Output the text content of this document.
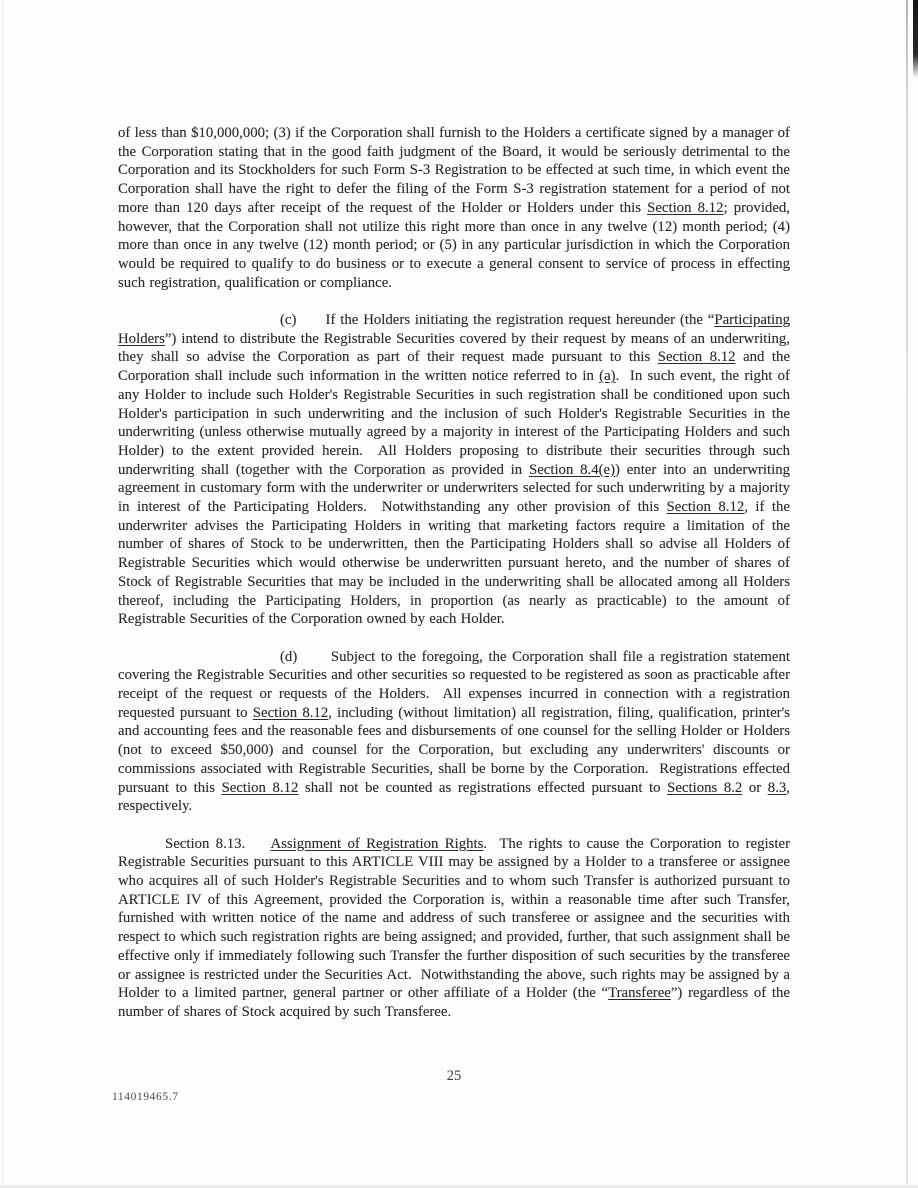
of less than $10,000,000; (3) if the Corporation shall furnish to the Holders a certificate signed by a manager of the Corporation stating that in the good faith judgment of the Board, it would be seriously detrimental to the Corporation and its Stockholders for such Form S-3 Registration to be effected at such time, in which event the Corporation shall have the right to defer the filing of the Form S-3 registration statement for a period of not more than 120 days after receipt of the request of the Holder or Holders under this Section 8.12; provided, however, that the Corporation shall not utilize this right more than once in any twelve (12) month period; (4) more than once in any twelve (12) month period; or (5) in any particular jurisdiction in which the Corporation would be required to qualify to do business or to execute a general consent to service of process in effecting such registration, qualification or compliance.

(c)      If the Holders initiating the registration request hereunder (the “Participating Holders”) intend to distribute the Registrable Securities covered by their request by means of an underwriting, they shall so advise the Corporation as part of their request made pursuant to this Section 8.12 and the Corporation shall include such information in the written notice referred to in (a).  In such event, the right of any Holder to include such Holder's Registrable Securities in such registration shall be conditioned upon such Holder's participation in such underwriting and the inclusion of such Holder's Registrable Securities in the underwriting (unless otherwise mutually agreed by a majority in interest of the Participating Holders and such Holder) to the extent provided herein.  All Holders proposing to distribute their securities through such underwriting shall (together with the Corporation as provided in Section 8.4(e)) enter into an underwriting agreement in customary form with the underwriter or underwriters selected for such underwriting by a majority in interest of the Participating Holders.  Notwithstanding any other provision of this Section 8.12, if the underwriter advises the Participating Holders in writing that marketing factors require a limitation of the number of shares of Stock to be underwritten, then the Participating Holders shall so advise all Holders of Registrable Securities which would otherwise be underwritten pursuant hereto, and the number of shares of Stock of Registrable Securities that may be included in the underwriting shall be allocated among all Holders thereof, including the Participating Holders, in proportion (as nearly as practicable) to the amount of Registrable Securities of the Corporation owned by each Holder.

(d)      Subject to the foregoing, the Corporation shall file a registration statement covering the Registrable Securities and other securities so requested to be registered as soon as practicable after receipt of the request or requests of the Holders.  All expenses incurred in connection with a registration requested pursuant to Section 8.12, including (without limitation) all registration, filing, qualification, printer's and accounting fees and the reasonable fees and disbursements of one counsel for the selling Holder or Holders (not to exceed $50,000) and counsel for the Corporation, but excluding any underwriters' discounts or commissions associated with Registrable Securities, shall be borne by the Corporation.  Registrations effected pursuant to this Section 8.12 shall not be counted as registrations effected pursuant to Sections 8.2 or 8.3, respectively.

Section 8.13.    Assignment of Registration Rights.  The rights to cause the Corporation to register Registrable Securities pursuant to this ARTICLE VIII may be assigned by a Holder to a transferee or assignee who acquires all of such Holder's Registrable Securities and to whom such Transfer is authorized pursuant to ARTICLE IV of this Agreement, provided the Corporation is, within a reasonable time after such Transfer, furnished with written notice of the name and address of such transferee or assignee and the securities with respect to which such registration rights are being assigned; and provided, further, that such assignment shall be effective only if immediately following such Transfer the further disposition of such securities by the transferee or assignee is restricted under the Securities Act.  Notwithstanding the above, such rights may be assigned by a Holder to a limited partner, general partner or other affiliate of a Holder (the “Transferee”) regardless of the number of shares of Stock acquired by such Transferee.

25
114019465.7
